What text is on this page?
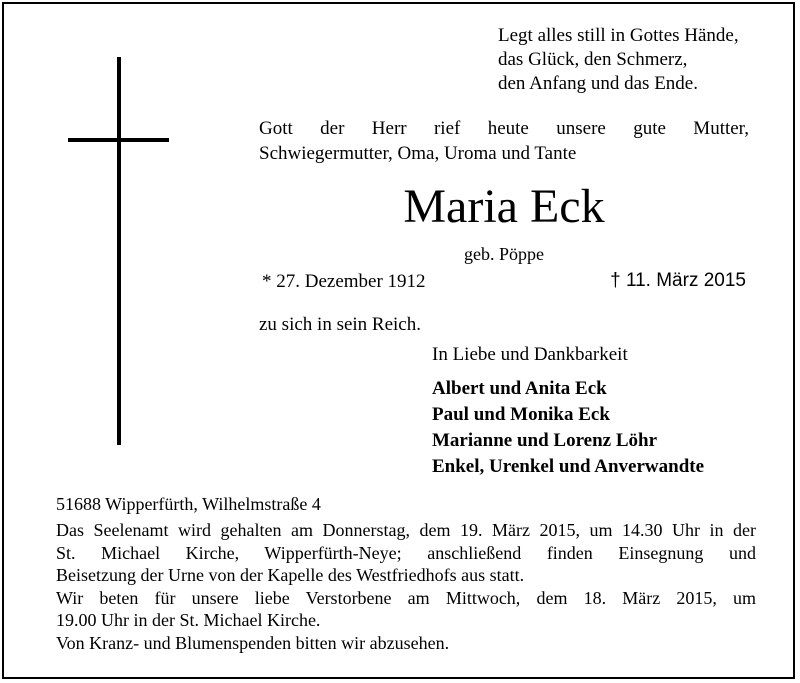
Legt alles still in Gottes Hände,
das Glück, den Schmerz,
den Anfang und das Ende.
Gott der Herr rief heute unsere gute Mutter,
Schwiegermutter, Oma, Uroma und Tante
Maria Eck
geb. Pöppe
* 27. Dezember 1912	† 11. März 2015
zu sich in sein Reich.
In Liebe und Dankbarkeit
Albert und Anita Eck
Paul und Monika Eck
Marianne und Lorenz Löhr
Enkel, Urenkel und Anverwandte
51688 Wipperfürth, Wilhelmstraße 4
Das Seelenamt wird gehalten am Donnerstag, dem 19. März 2015, um 14.30 Uhr in der
St. Michael Kirche, Wipperfürth-Neye; anschließend finden Einsegnung und
Beisetzung der Urne von der Kapelle des Westfriedhofs aus statt.
Wir beten für unsere liebe Verstorbene am Mittwoch, dem 18. März 2015, um
19.00 Uhr in der St. Michael Kirche.
Von Kranz- und Blumenspenden bitten wir abzusehen.
